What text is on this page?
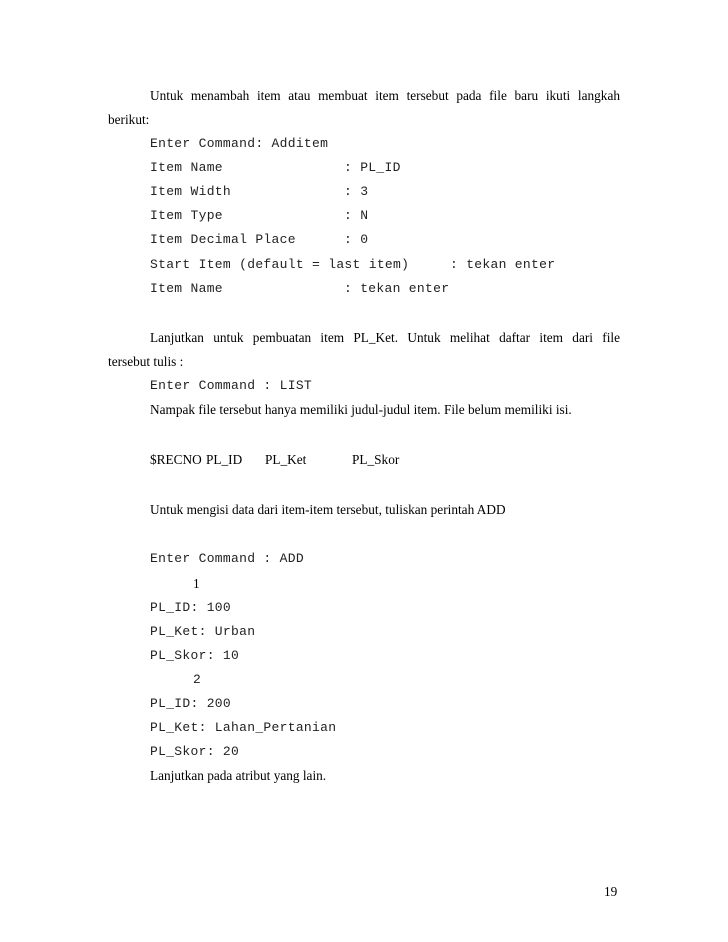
Untuk menambah item atau membuat item tersebut pada file baru ikuti langkah
berikut:
Enter Command: Additem
Item Name	: PL_ID
Item Width	: 3
Item Type	: N
Item Decimal Place	: 0
Start Item (default = last item)	: tekan enter
Item Name	: tekan enter
Lanjutkan untuk pembuatan item PL_Ket. Untuk melihat daftar item dari file
tersebut tulis :
Enter Command : LIST
Nampak file tersebut hanya memiliki judul-judul item. File belum memiliki isi.
$RECNO PL_ID PL_Ket	PL_Skor
Untuk mengisi data dari item-item tersebut, tuliskan perintah ADD
Enter Command : ADD
1
PL_ID: 100
PL_Ket: Urban
PL_Skor: 10
2
PL_ID: 200
PL_Ket: Lahan_Pertanian
PL_Skor: 20
Lanjutkan pada atribut yang lain.
19
